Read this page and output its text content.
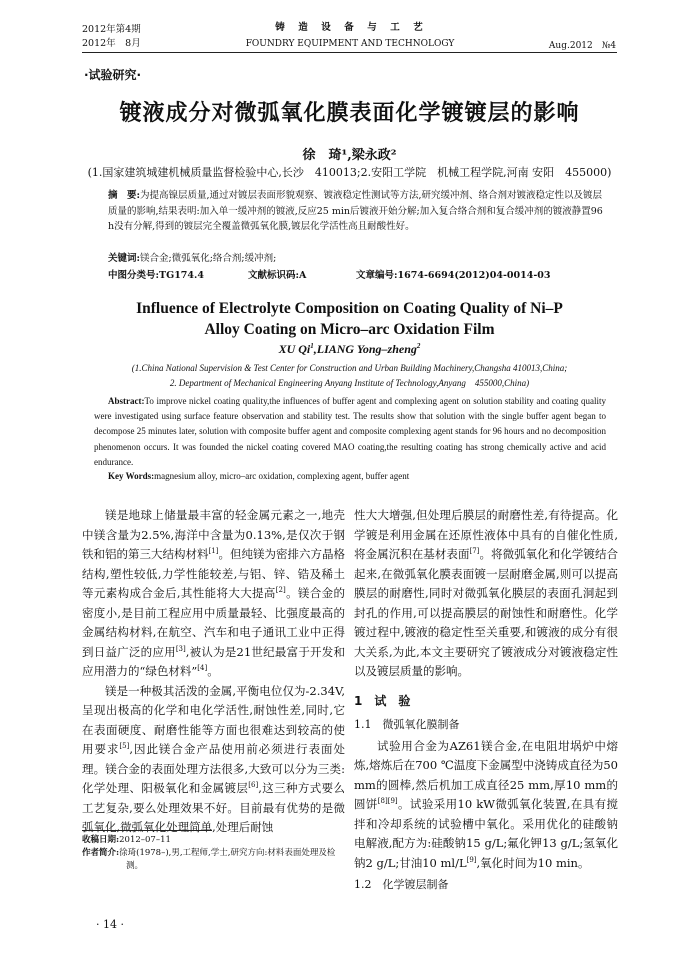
2012年第4期
2012年　8月
铸　造　设　备　与　工　艺
FOUNDRY EQUIPMENT AND TECHNOLOGY	Aug.2012　№4
·试验研究·
镀液成分对微弧氧化膜表面化学镀镀层的影响
徐　琦¹,梁永政²
(1.国家建筑城建机械质量监督检验中心,长沙　410013;2.安阳工学院　机械工程学院,河南 安阳　455000)
摘　要:为提高镍层质量,通过对镀层表面形貌观察、镀液稳定性测试等方法,研究缓冲剂、络合剂对镀液稳定性以及镀层质量的影响,结果表明:加入单一缓冲剂的镀液,反应25 min后镀液开始分解;加入复合络合剂和复合缓冲剂的镀液静置96 h没有分解,得到的镀层完全覆盖微弧氧化膜,镀层化学活性高且耐酸性好。
关键词:镁合金;微弧氧化;络合剂;缓冲剂;
中图分类号:TG174.4	文献标识码:A	文章编号:1674-6694(2012)04-0014-03
Influence of Electrolyte Composition on Coating Quality of Ni–P
Alloy Coating on Micro–arc Oxidation Film
XU Qi$^1$,LIANG Yong–zheng$^2$
(1.China National Supervision & Test Center for Construction and Urban Building Machinery,Changsha 410013,China;
2. Department of Mechanical Engineering Anyang Institute of Technology,Anyang　455000,China)
Abstract:To improve nickel coating quality,the influences of buffer agent and complexing agent on solution stability and coating quality were investigated using surface feature observation and stability test. The results show that solution with the single buffer agent began to decompose 25 minutes later, solution with composite buffer agent and composite complexing agent stands for 96 hours and no decomposition phenomenon occurs. It was founded the nickel coating covered MAO coating,the resulting coating has strong chemically active and acid endurance.
Key Words:magnesium alloy, micro–arc oxidation, complexing agent, buffer agent

镁是地球上储量最丰富的轻金属元素之一,地壳中镁含量为2.5%,海洋中含量为0.13%,是仅次于钢铁和铝的第三大结构材料[1]。但纯镁为密排六方晶格结构,塑性较低,力学性能较差,与铝、锌、锆及稀土等元素构成合金后,其性能将大大提高[2]。镁合金的密度小,是目前工程应用中质量最轻、比强度最高的金属结构材料,在航空、汽车和电子通讯工业中正得到日益广泛的应用[3],被认为是21世纪最富于开发和应用潜力的“绿色材料”[4]。

镁是一种极其活泼的金属,平衡电位仅为-2.34V,呈现出极高的化学和电化学活性,耐蚀性差,同时,它在表面硬度、耐磨性能等方面也很难达到较高的使用要求[5],因此镁合金产品使用前必须进行表面处理。镁合金的表面处理方法很多,大致可以分为三类:化学处理、阳极氧化和金属镀层[6],这三种方式要么工艺复杂,要么处理效果不好。目前最有优势的是微弧氧化,微弧氧化处理简单,处理后耐蚀

收稿日期:2012–07–11
作者简介:徐琦(1978–),男,工程师,学士,研究方向:材料表面处理及检测。
· 14 ·

性大大增强,但处理后膜层的耐磨性差,有待提高。化学镀是利用金属在还原性液体中具有的自催化性质,将金属沉积在基材表面[7]。将微弧氧化和化学镀结合起来,在微弧氧化膜表面镀一层耐磨金属,则可以提高膜层的耐磨性,同时对微弧氧化膜层的表面孔洞起到封孔的作用,可以提高膜层的耐蚀性和耐磨性。化学镀过程中,镀液的稳定性至关重要,和镀液的成分有很大关系,为此,本文主要研究了镀液成分对镀液稳定性以及镀层质量的影响。

1　试　验
1.1　微弧氧化膜制备

试验用合金为AZ61镁合金,在电阻坩埚炉中熔炼,熔炼后在700 ℃温度下金属型中浇铸成直径为50 mm的圆棒,然后机加工成直径25 mm,厚10 mm的圆饼[8][9]。试验采用10 kW微弧氧化装置,在具有搅拌和冷却系统的试验槽中氧化。采用优化的硅酸钠电解液,配方为:硅酸钠15 g/L;氟化钾13 g/L;氢氧化钠2 g/L;甘油10 ml/L[9],氧化时间为10 min。

1.2　化学镀层制备
